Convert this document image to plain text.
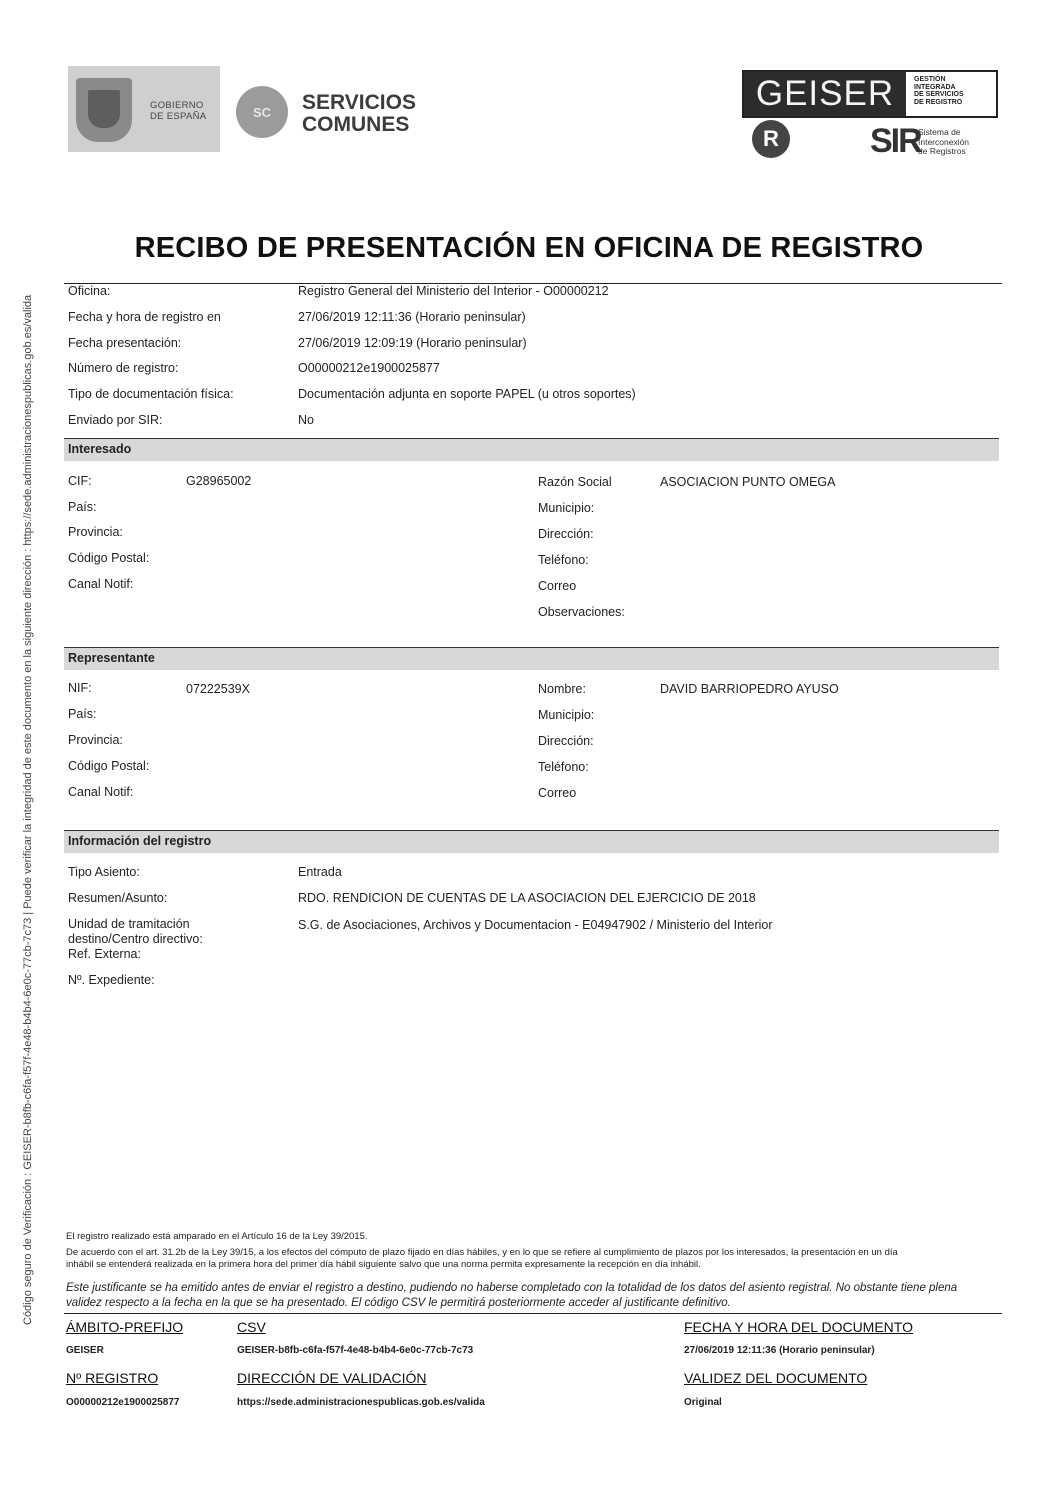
GOBIERNO
DE ESPAÑA	SC	SERVICIOS
COMUNES
GEISER	GESTIÓN
INTEGRADA
DE SERVICIOS
DE REGISTRO
R	SIR
Sistema de
Interconexión
de Registros
Código seguro de Verificación : GEISER-b8fb-c6fa-f57f-4e48-b4b4-6e0c-77cb-7c73 | Puede verificar la integridad de este documento en la siguiente dirección : https://sede.administracionespublicas.gob.es/valida
RECIBO DE PRESENTACIÓN EN OFICINA DE REGISTRO
Oficina:	Registro General del Ministerio del Interior - O00000212
Fecha y hora de registro en	27/06/2019 12:11:36 (Horario peninsular)
Fecha presentación:	27/06/2019 12:09:19 (Horario peninsular)
Número de registro:	O00000212e1900025877
Tipo de documentación física:	Documentación adjunta en soporte PAPEL (u otros soportes)
Enviado por SIR:	No
Interesado
CIF:	G28965002
País:
Provincia:
Código Postal:
Canal Notif:
Razón Social	ASOCIACION PUNTO OMEGA
Municipio:
Dirección:
Teléfono:
Correo
Observaciones:
Representante
NIF:	07222539X
País:
Provincia:
Código Postal:
Canal Notif:
Nombre:	DAVID BARRIOPEDRO AYUSO
Municipio:
Dirección:
Teléfono:
Correo
Información del registro
Tipo Asiento:	Entrada
Resumen/Asunto:	RDO. RENDICION DE CUENTAS DE LA ASOCIACION DEL EJERCICIO DE 2018
Unidad de tramitación
destino/Centro directivo:
S.G. de Asociaciones, Archivos y Documentacion - E04947902 / Ministerio del Interior
Ref. Externa:
Nº. Expediente:
El registro realizado está amparado en el Artículo 16 de la Ley 39/2015.
De acuerdo con el art. 31.2b de la Ley 39/15, a los efectos del cómputo de plazo fijado en días hábiles, y en lo que se refiere al cumplimiento de plazos por los interesados, la presentación en un día
inhábil se entenderá realizada en la primera hora del primer día hábil siguiente salvo que una norma permita expresamente la recepción en día inhábil.
Este justificante se ha emitido antes de enviar el registro a destino, pudiendo no haberse completado con la totalidad de los datos del asiento registral. No obstante tiene plena
validez respecto a la fecha en la que se ha presentado. El código CSV le permitirá posteriormente acceder al justificante definitivo.
ÁMBITO-PREFIJO
GEISER
CSV
GEISER-b8fb-c6fa-f57f-4e48-b4b4-6e0c-77cb-7c73
FECHA Y HORA DEL DOCUMENTO
27/06/2019 12:11:36 (Horario peninsular)
Nº REGISTRO
O00000212e1900025877
DIRECCIÓN DE VALIDACIÓN
https://sede.administracionespublicas.gob.es/valida
VALIDEZ DEL DOCUMENTO
Original
